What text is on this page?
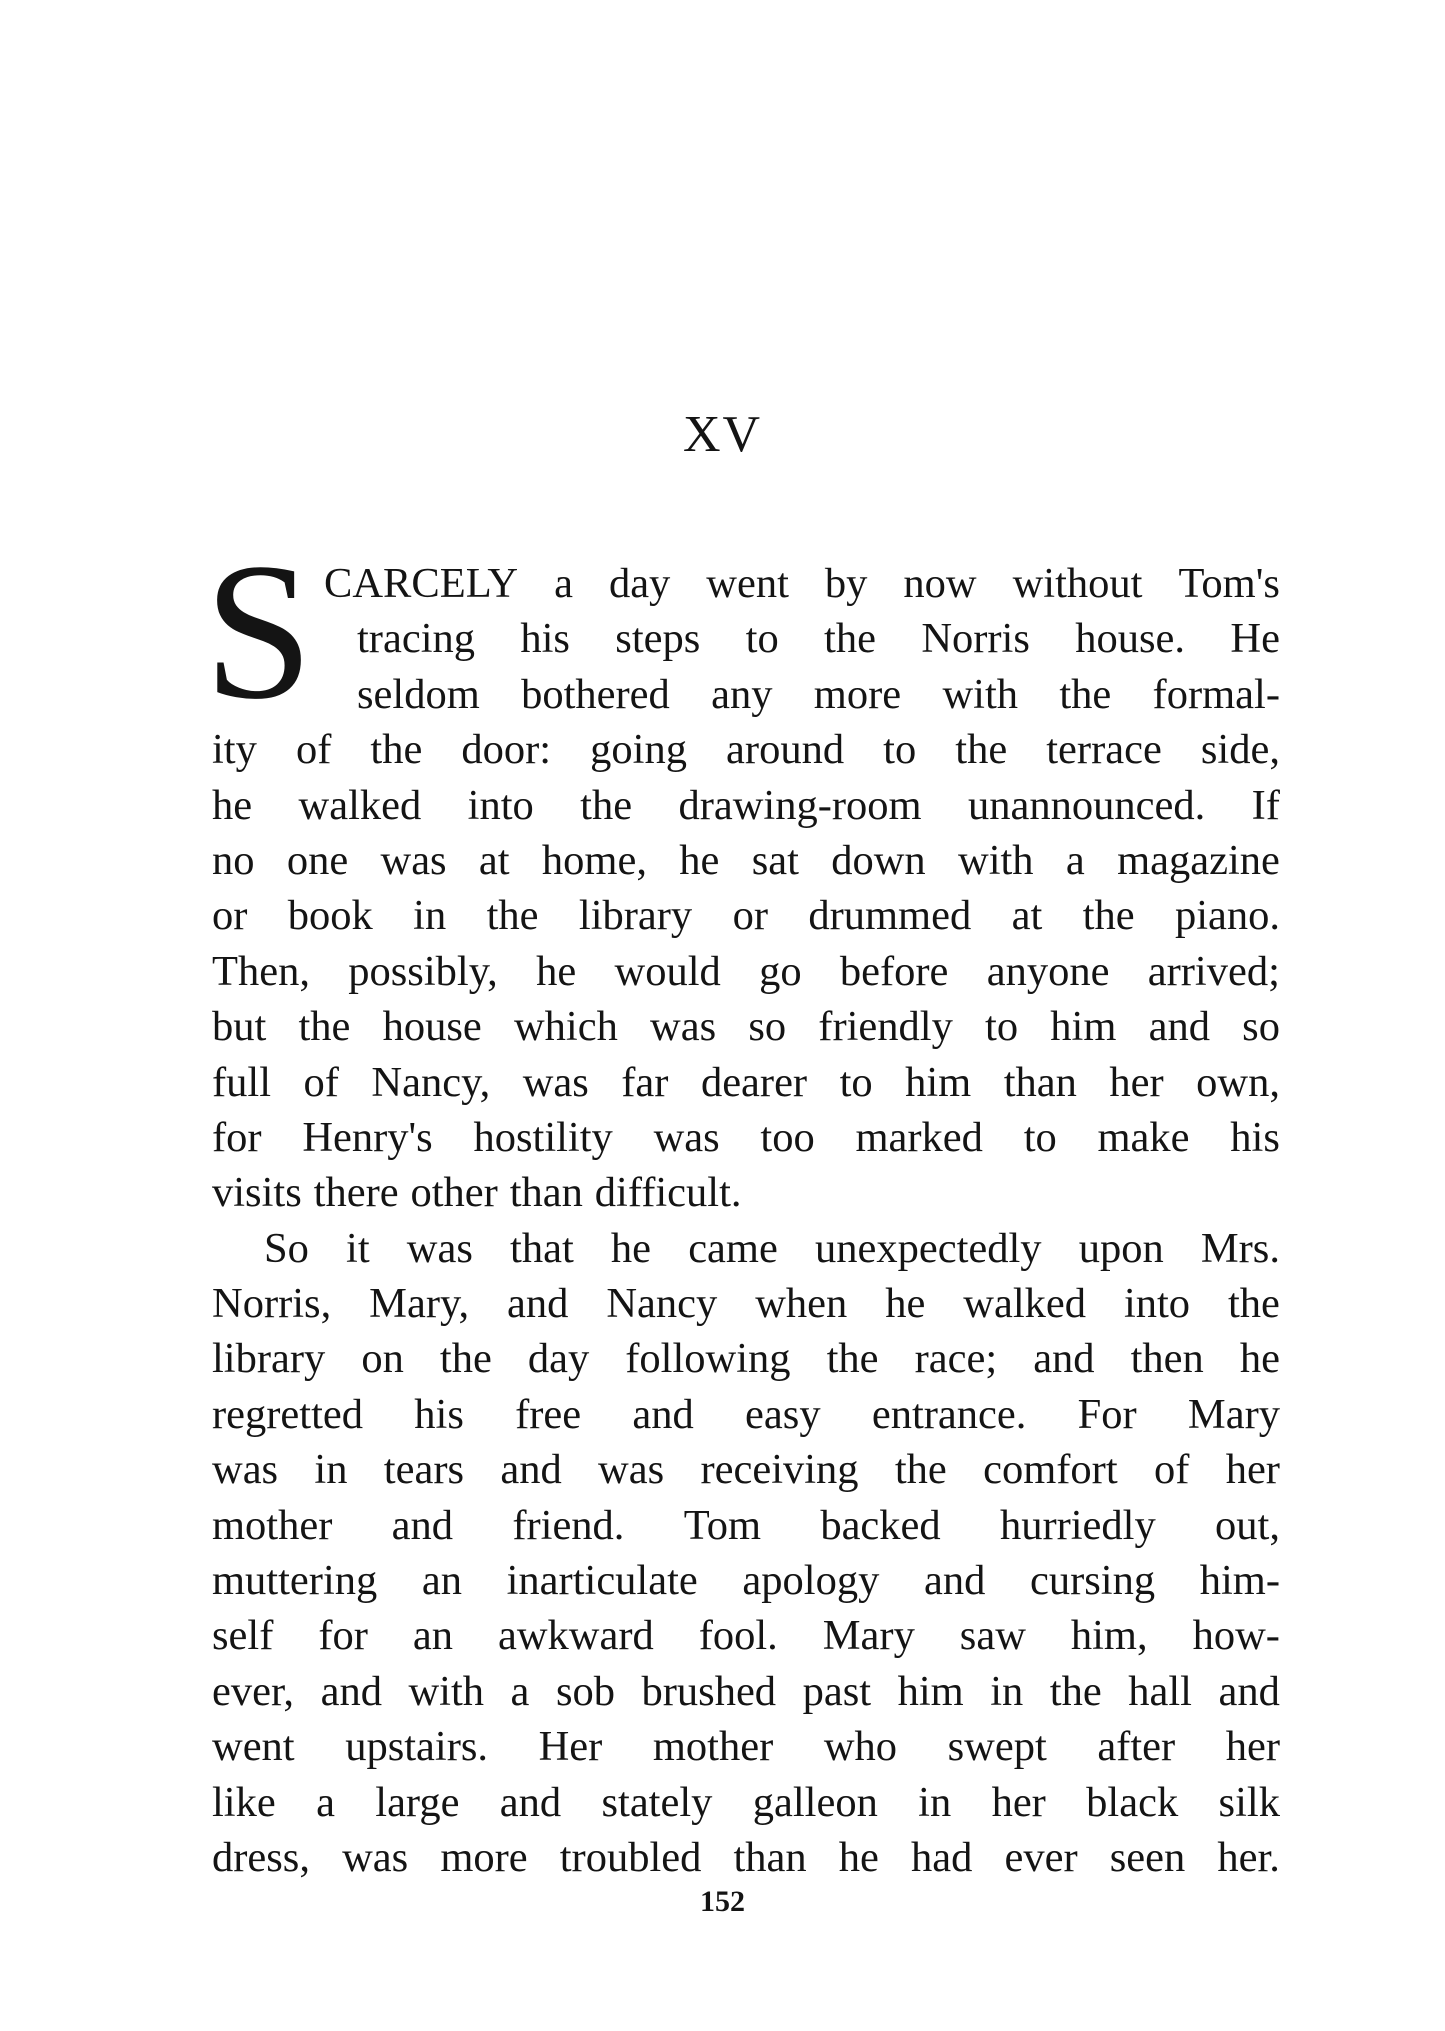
XV
S CARCELY a day went by now without Tom's
tracing his steps to the Norris house. He
seldom bothered any more with the formal-
ity of the door: going around to the terrace side,
he walked into the drawing-room unannounced. If
no one was at home, he sat down with a magazine
or book in the library or drummed at the piano.
Then, possibly, he would go before anyone arrived;
but the house which was so friendly to him and so
full of Nancy, was far dearer to him than her own,
for Henry's hostility was too marked to make his
visits there other than difficult.
So it was that he came unexpectedly upon Mrs.
Norris, Mary, and Nancy when he walked into the
library on the day following the race; and then he
regretted his free and easy entrance. For Mary
was in tears and was receiving the comfort of her
mother and friend. Tom backed hurriedly out,
muttering an inarticulate apology and cursing him-
self for an awkward fool. Mary saw him, how-
ever, and with a sob brushed past him in the hall and
went upstairs. Her mother who swept after her
like a large and stately galleon in her black silk
dress, was more troubled than he had ever seen her.
152
